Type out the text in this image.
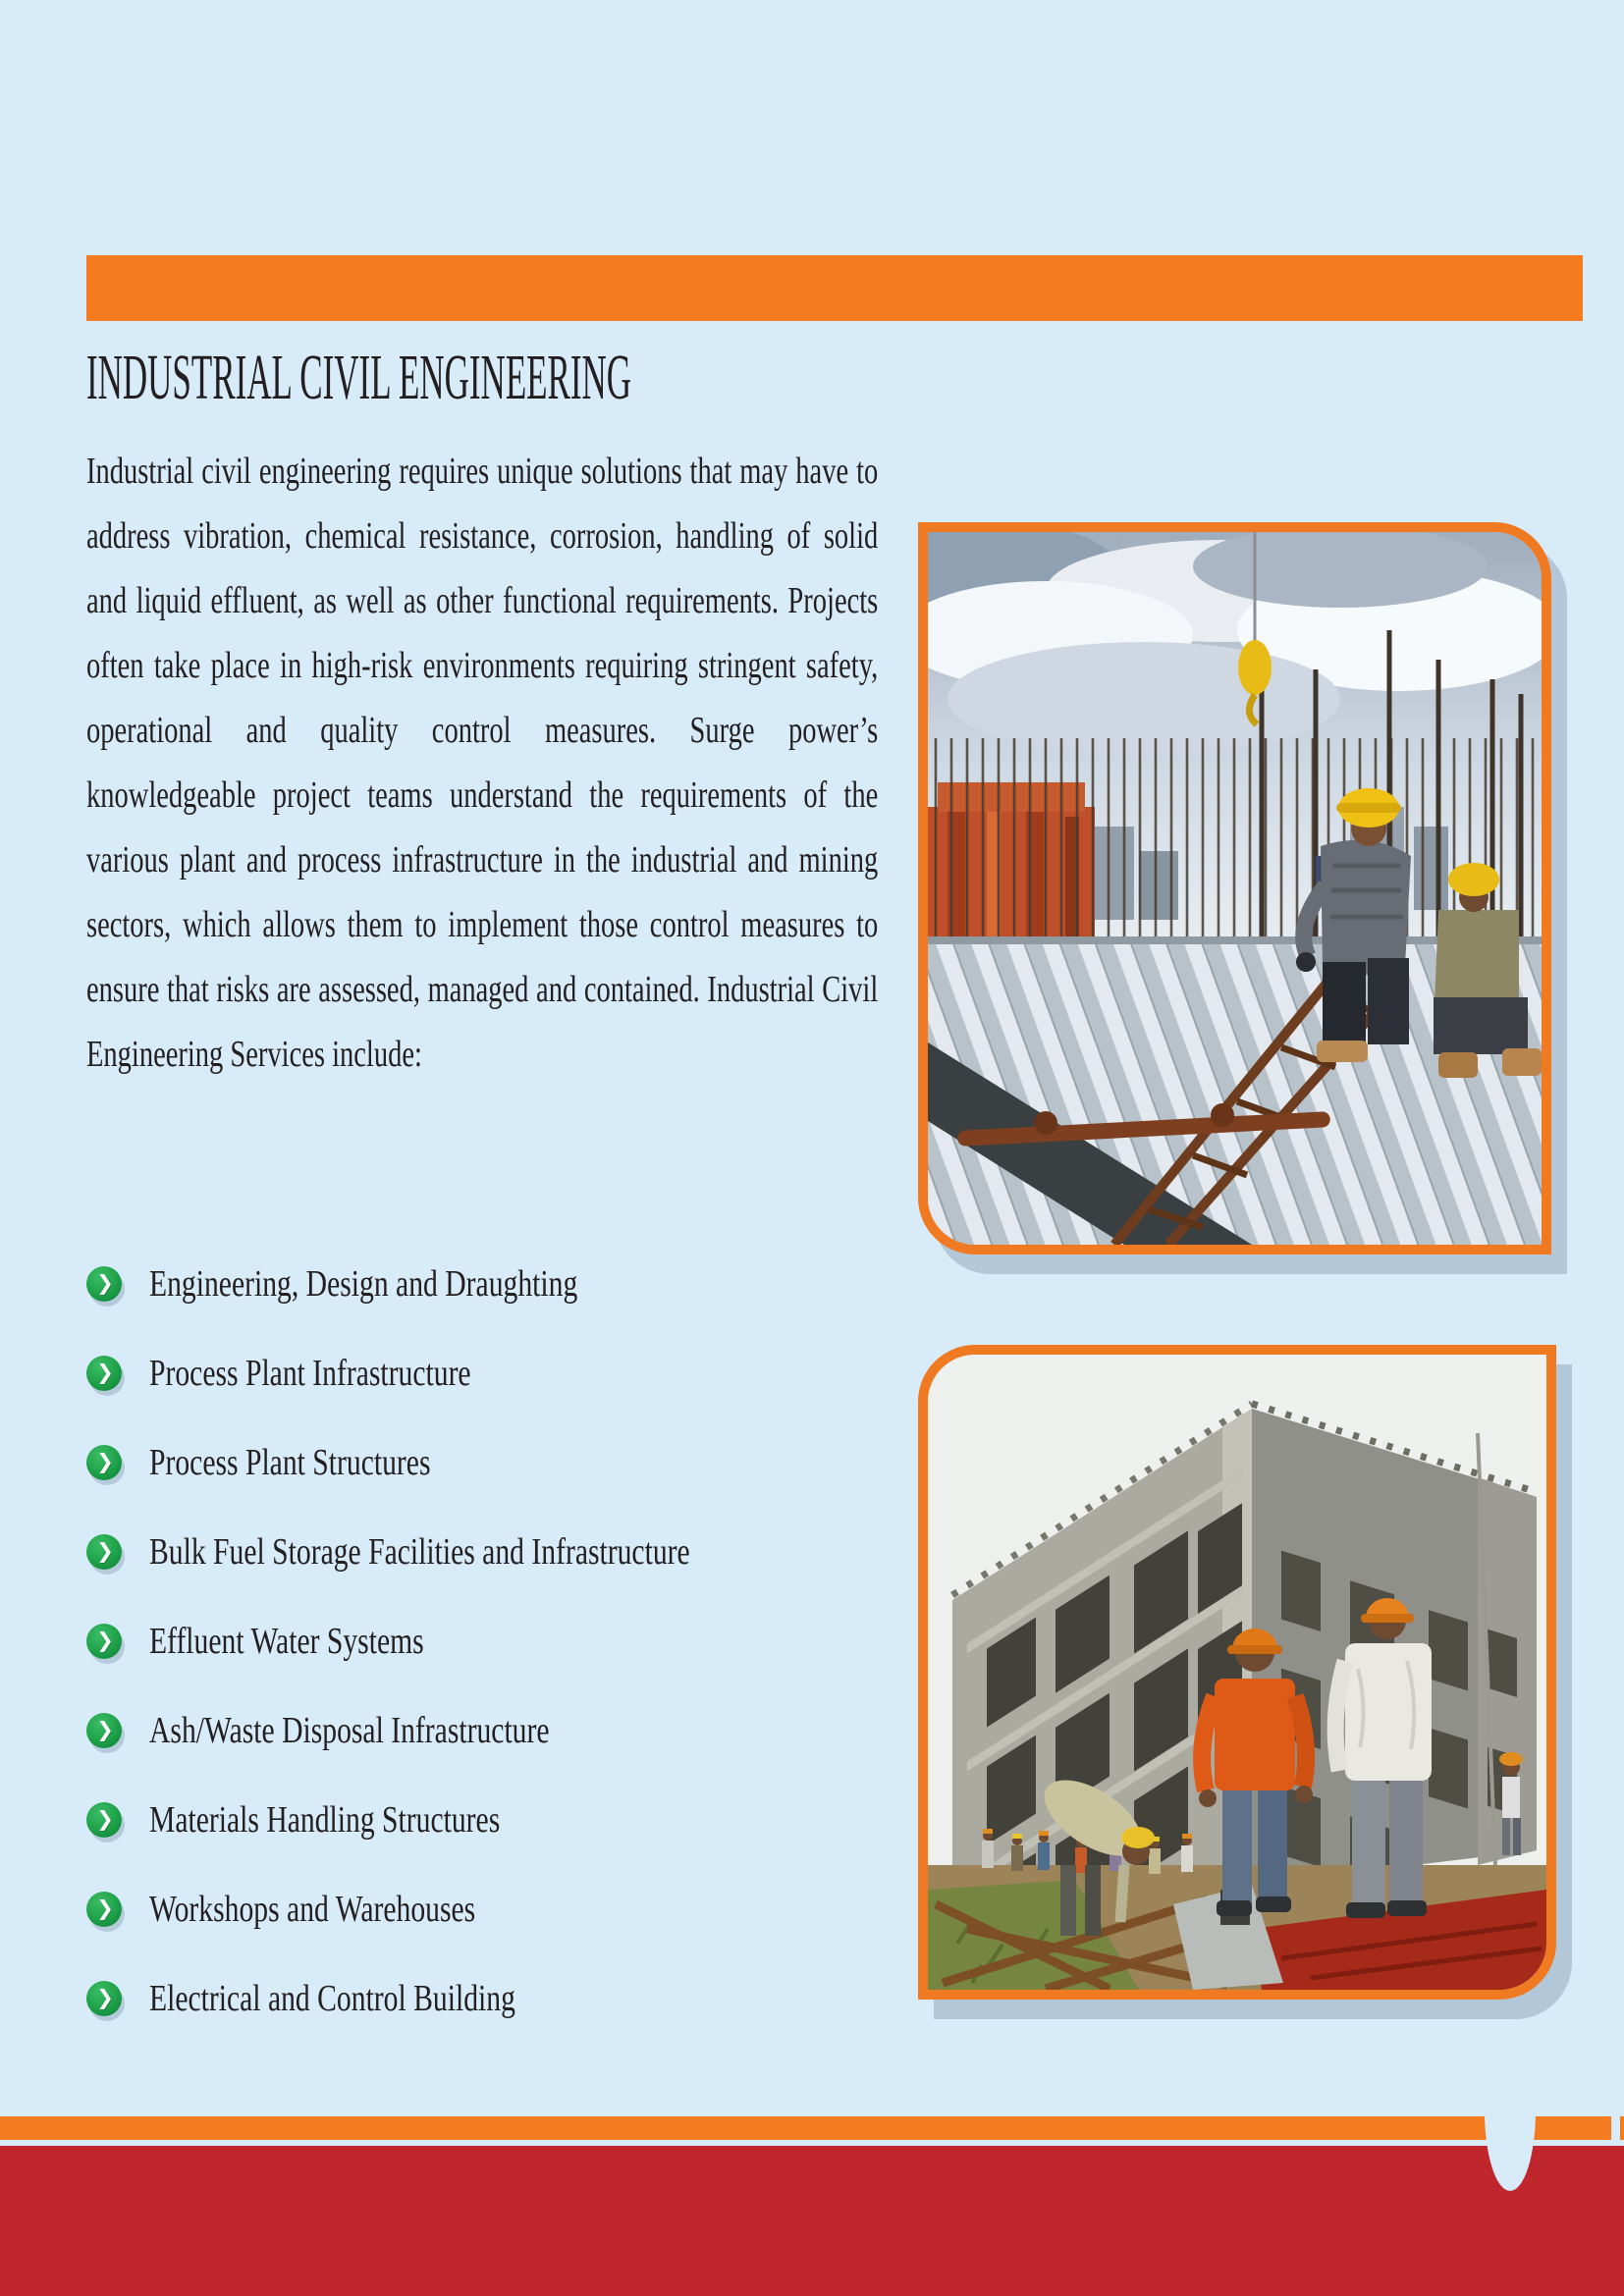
INDUSTRIAL CIVIL ENGINEERING

Industrial civil engineering requires unique solutions that may have to address vibration, chemical resistance, corrosion, handling of solid and liquid effluent, as well as other functional requirements. Projects often take place in high-risk environments requiring stringent safety, operational and quality control measures. Surge power’s knowledgeable project teams understand the requirements of the various plant and process infrastructure in the industrial and mining sectors, which allows them to implement those control measures to ensure that risks are assessed, managed and contained. Industrial Civil Engineering Services include:

❯ Engineering, Design and Draughting
❯ Process Plant Infrastructure
❯ Process Plant Structures
❯ Bulk Fuel Storage Facilities and Infrastructure
❯ Effluent Water Systems
❯ Ash/Waste Disposal Infrastructure
❯ Materials Handling Structures
❯ Workshops and Warehouses
❯ Electrical and Control Building
